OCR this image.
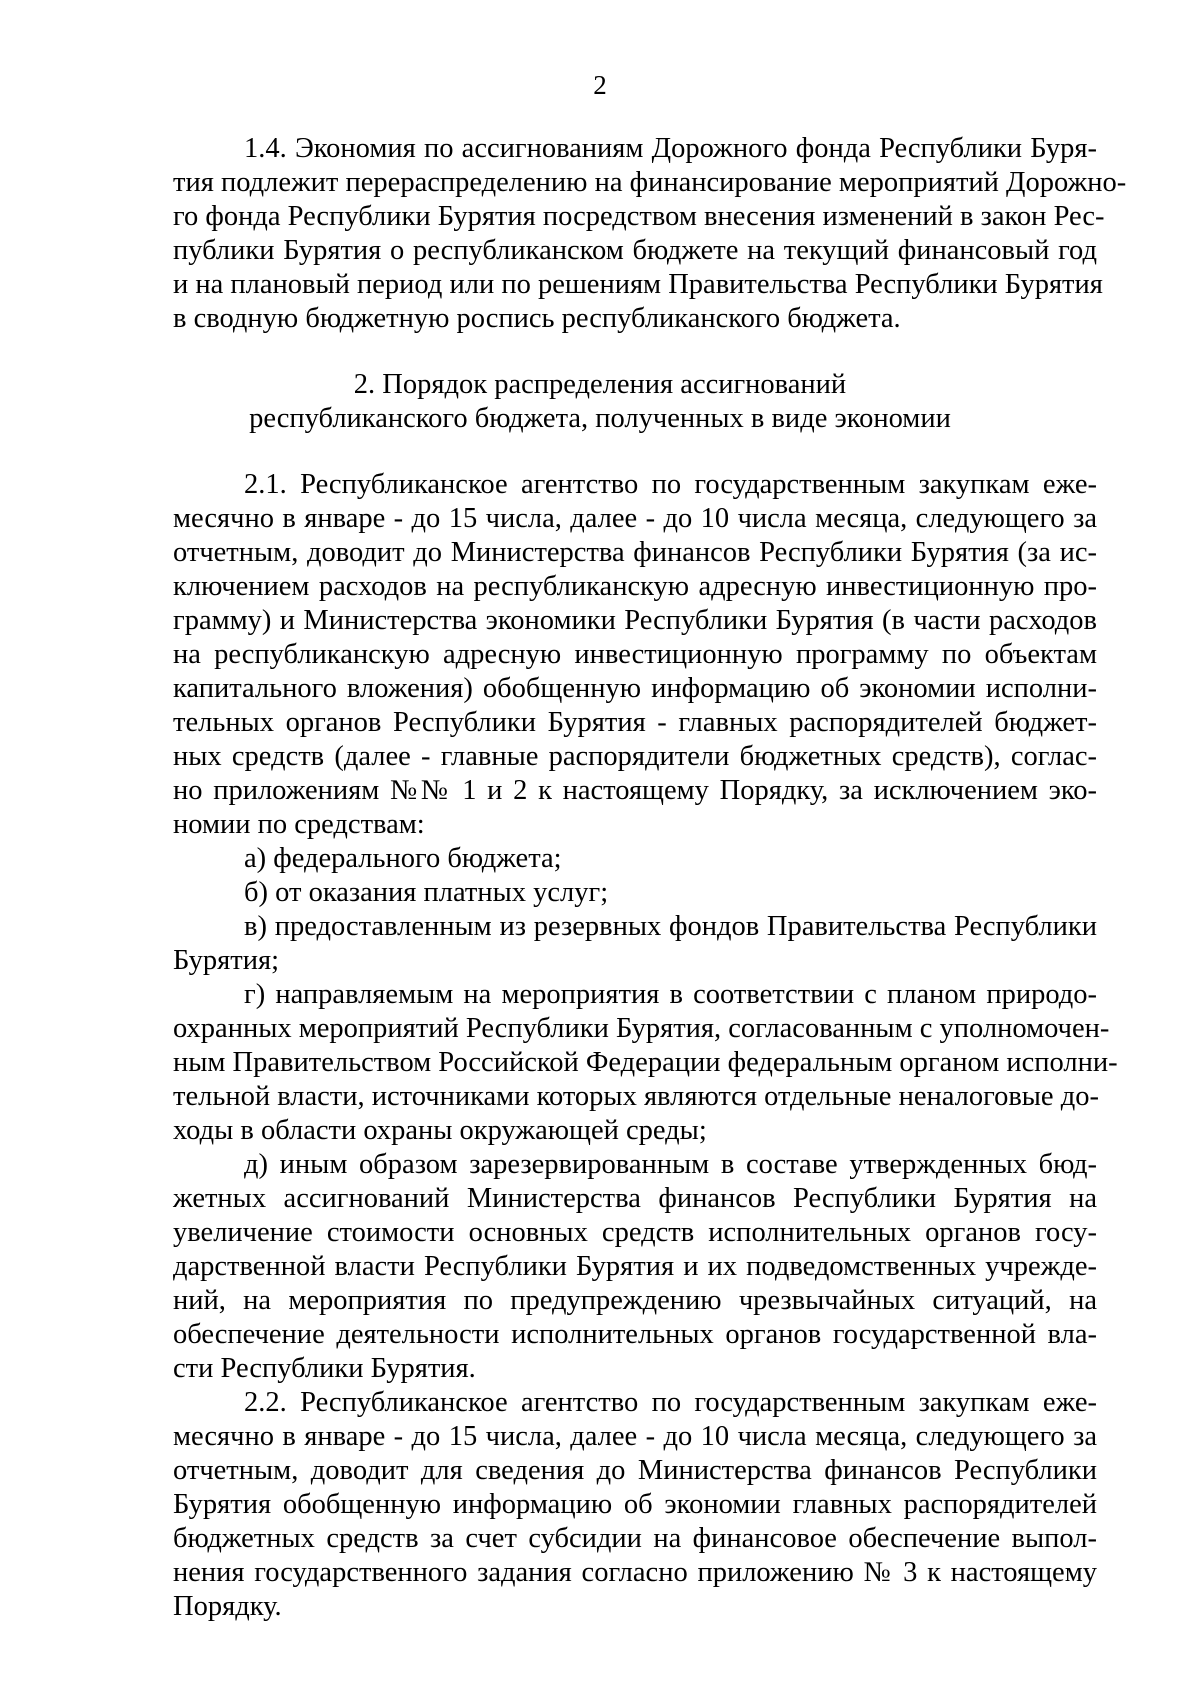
2
1.4. Экономия по ассигнованиям Дорожного фонда Республики Буря-
тия подлежит перераспределению на финансирование мероприятий Дорожно-
го фонда Республики Бурятия посредством внесения изменений в закон Рес-
публики Бурятия о республиканском бюджете на текущий финансовый год
и на плановый период или по решениям Правительства Республики Бурятия
в сводную бюджетную роспись республиканского бюджета.
2. Порядок распределения ассигнований
республиканского бюджета, полученных в виде экономии
2.1. Республиканское агентство по государственным закупкам еже-
месячно в январе - до 15 числа, далее - до 10 числа месяца, следующего за
отчетным, доводит до Министерства финансов Республики Бурятия (за ис-
ключением расходов на республиканскую адресную инвестиционную про-
грамму) и Министерства экономики Республики Бурятия (в части расходов
на республиканскую адресную инвестиционную программу по объектам
капитального вложения) обобщенную информацию об экономии исполни-
тельных органов Республики Бурятия - главных распорядителей бюджет-
ных средств (далее - главные распорядители бюджетных средств), соглас-
но приложениям №№ 1 и 2 к настоящему Порядку, за исключением эко-
номии по средствам:
а) федерального бюджета;
б) от оказания платных услуг;
в) предоставленным из резервных фондов Правительства Республики
Бурятия;
г) направляемым на мероприятия в соответствии с планом природо-
охранных мероприятий Республики Бурятия, согласованным с уполномочен-
ным Правительством Российской Федерации федеральным органом исполни-
тельной власти, источниками которых являются отдельные неналоговые до-
ходы в области охраны окружающей среды;
д) иным образом зарезервированным в составе утвержденных бюд-
жетных ассигнований Министерства финансов Республики Бурятия на
увеличение стоимости основных средств исполнительных органов госу-
дарственной власти Республики Бурятия и их подведомственных учрежде-
ний, на мероприятия по предупреждению чрезвычайных ситуаций, на
обеспечение деятельности исполнительных органов государственной вла-
сти Республики Бурятия.
2.2. Республиканское агентство по государственным закупкам еже-
месячно в январе - до 15 числа, далее - до 10 числа месяца, следующего за
отчетным, доводит для сведения до Министерства финансов Республики
Бурятия обобщенную информацию об экономии главных распорядителей
бюджетных средств за счет субсидии на финансовое обеспечение выпол-
нения государственного задания согласно приложению № 3 к настоящему
Порядку.
